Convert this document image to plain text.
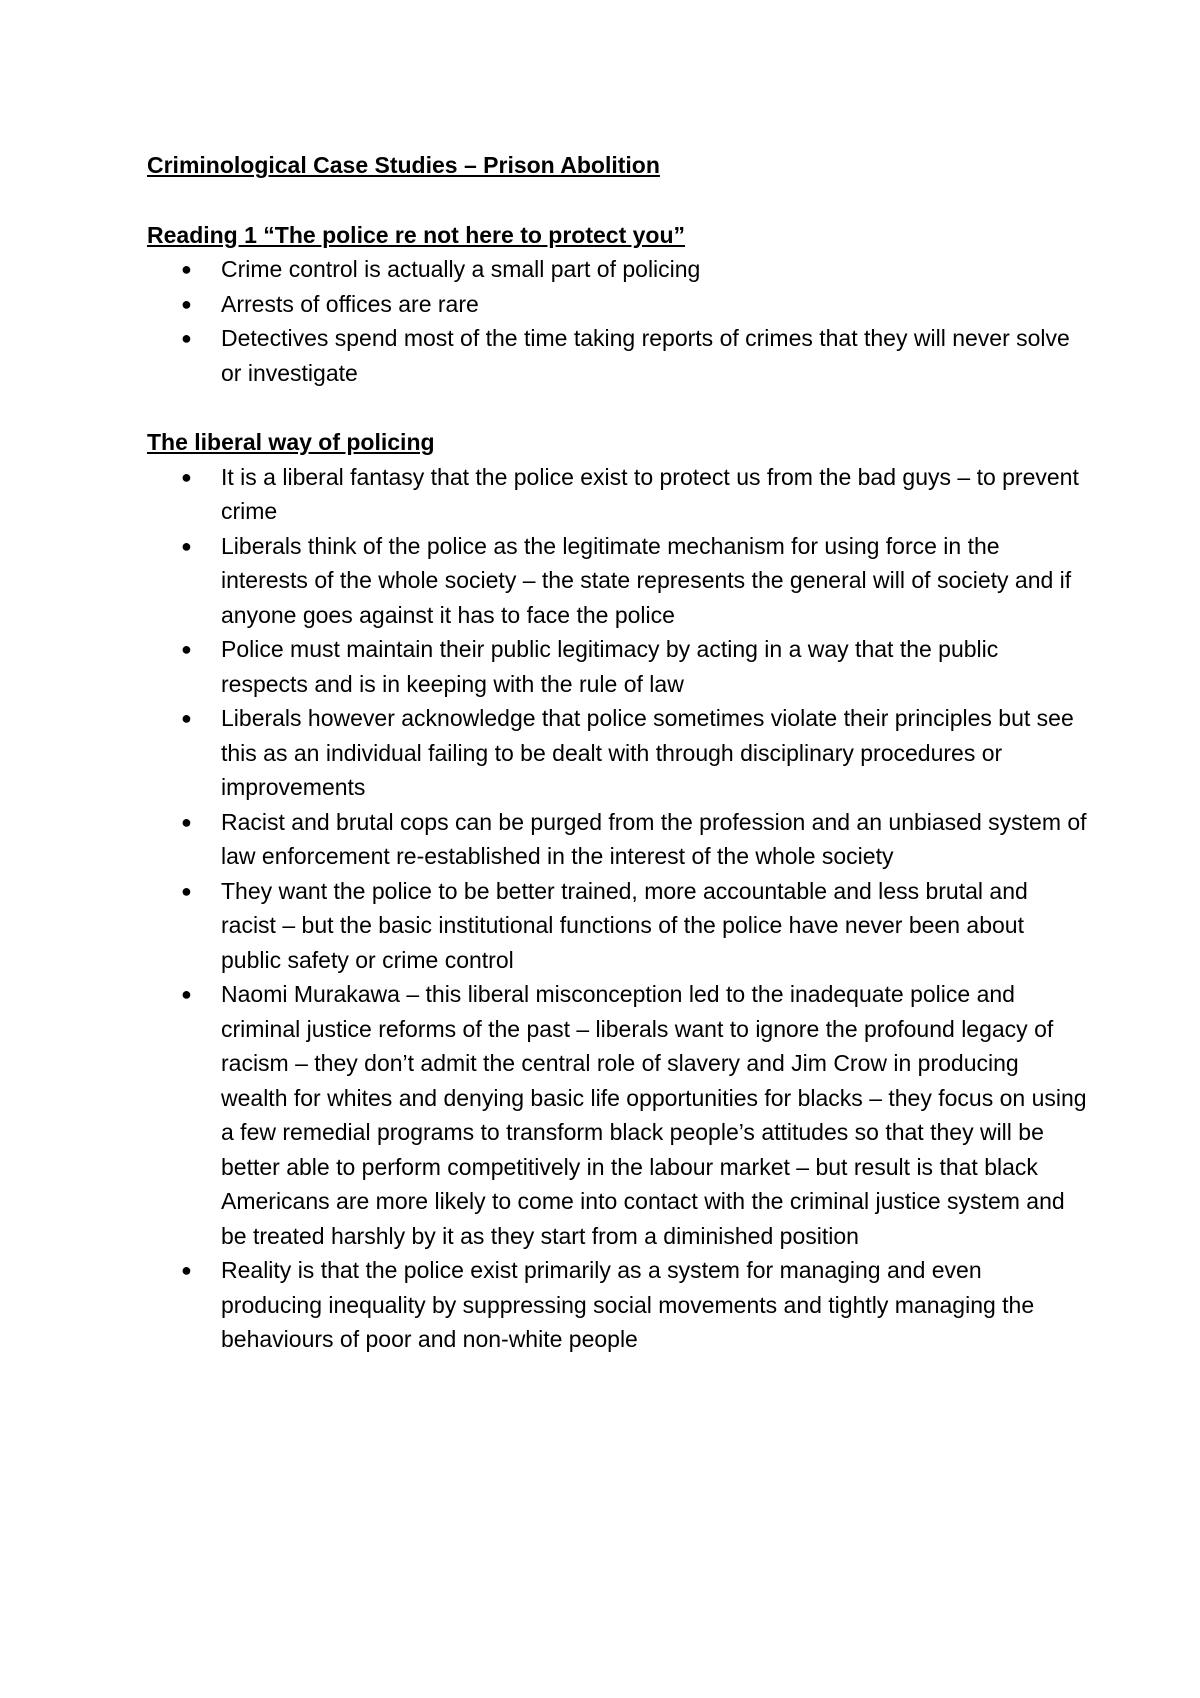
Criminological Case Studies – Prison Abolition
Reading 1 “The police re not here to protect you”
● Crime control is actually a small part of policing
● Arrests of offices are rare
● Detectives spend most of the time taking reports of crimes that they will never solve or investigate
The liberal way of policing
● It is a liberal fantasy that the police exist to protect us from the bad guys – to prevent crime
● Liberals think of the police as the legitimate mechanism for using force in the interests of the whole society – the state represents the general will of society and if anyone goes against it has to face the police
● Police must maintain their public legitimacy by acting in a way that the public respects and is in keeping with the rule of law
● Liberals however acknowledge that police sometimes violate their principles but see this as an individual failing to be dealt with through disciplinary procedures or improvements
● Racist and brutal cops can be purged from the profession and an unbiased system of law enforcement re-established in the interest of the whole society
● They want the police to be better trained, more accountable and less brutal and racist – but the basic institutional functions of the police have never been about public safety or crime control
● Naomi Murakawa – this liberal misconception led to the inadequate police and criminal justice reforms of the past – liberals want to ignore the profound legacy of racism – they don’t admit the central role of slavery and Jim Crow in producing wealth for whites and denying basic life opportunities for blacks – they focus on using a few remedial programs to transform black people’s attitudes so that they will be better able to perform competitively in the labour market – but result is that black Americans are more likely to come into contact with the criminal justice system and be treated harshly by it as they start from a diminished position
● Reality is that the police exist primarily as a system for managing and even producing inequality by suppressing social movements and tightly managing the behaviours of poor and non-white people
